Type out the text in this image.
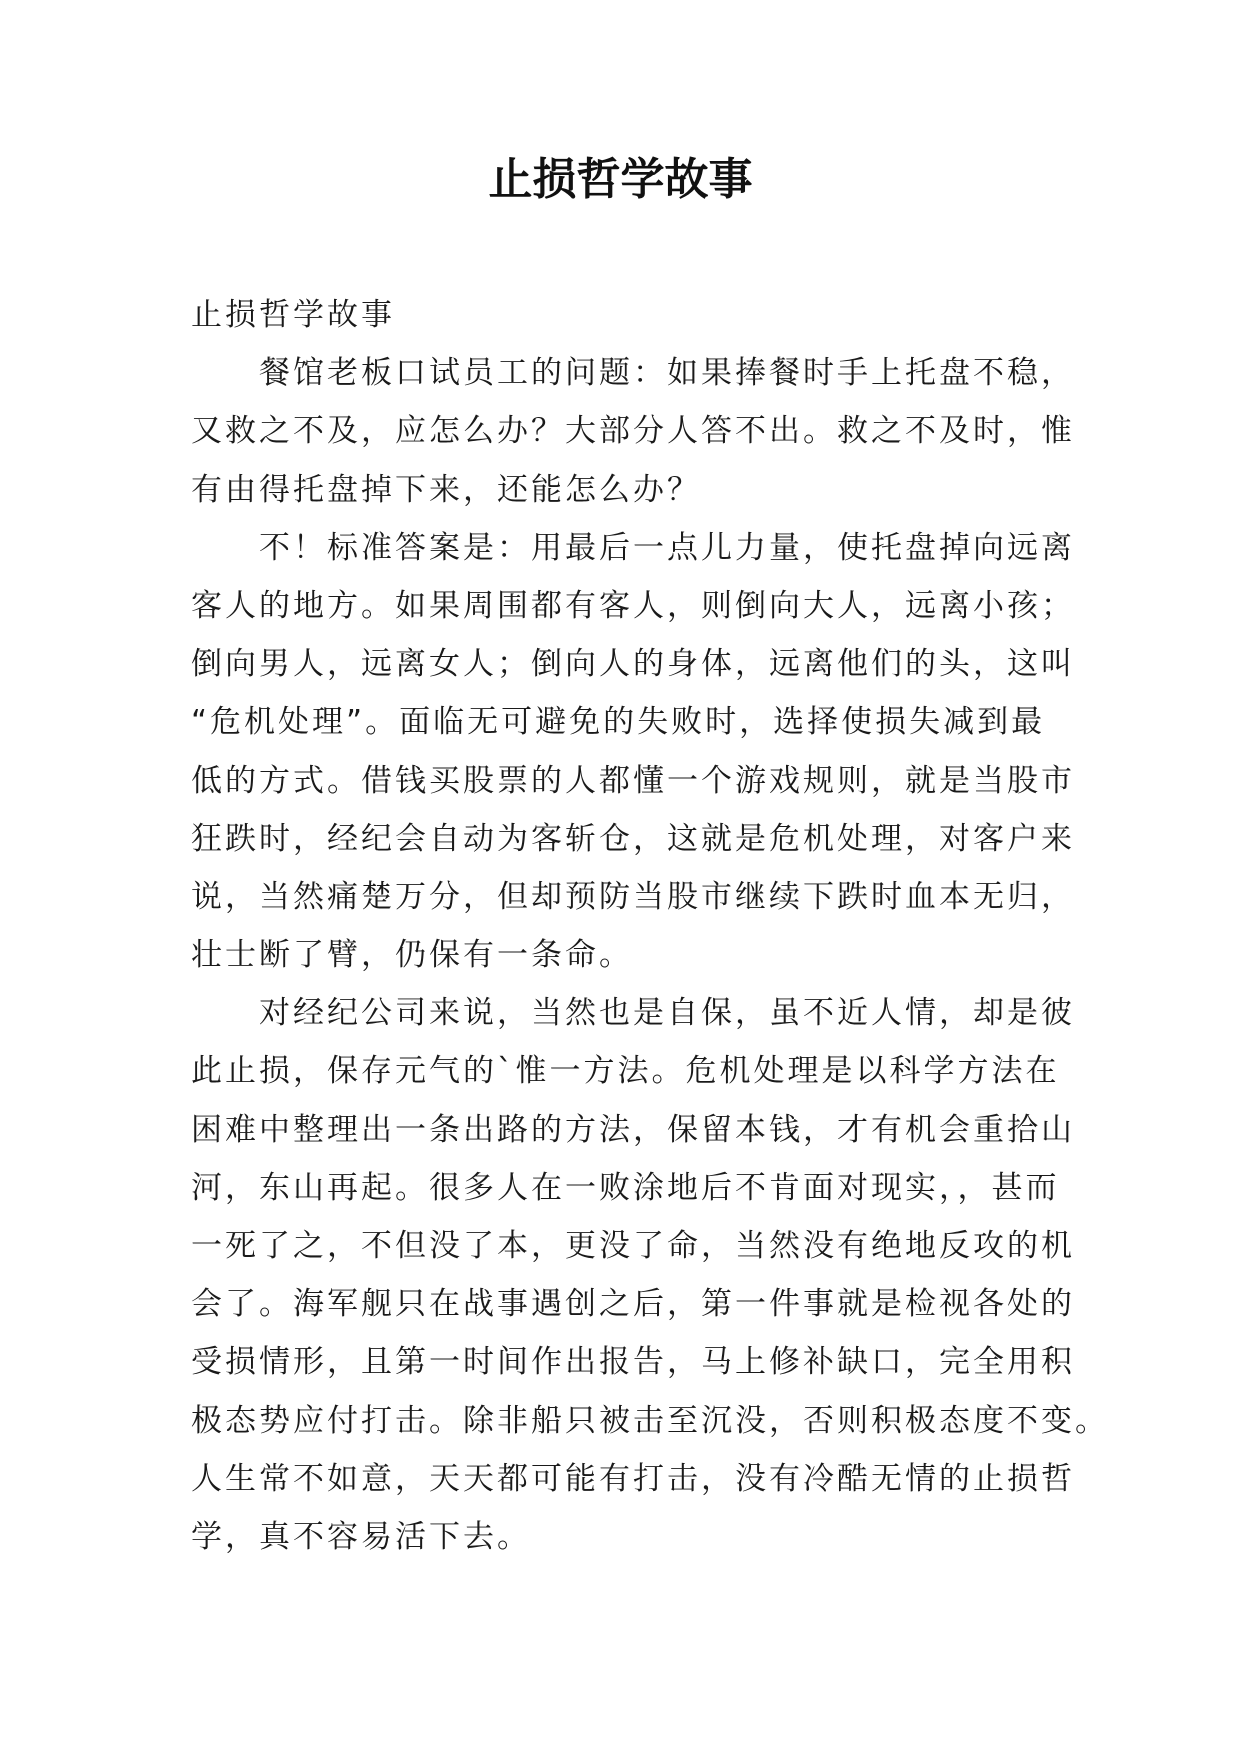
止损哲学故事
止损哲学故事
餐馆老板口试员工的问题：如果捧餐时手上托盘不稳，
又救之不及，应怎么办？大部分人答不出。救之不及时，惟
有由得托盘掉下来，还能怎么办？
不！标准答案是：用最后一点儿力量，使托盘掉向远离
客人的地方。如果周围都有客人，则倒向大人，远离小孩；
倒向男人，远离女人；倒向人的身体，远离他们的头，这叫
“危机处理”。面临无可避免的失败时，选择使损失减到最
低的方式。借钱买股票的人都懂一个游戏规则，就是当股市
狂跌时，经纪会自动为客斩仓，这就是危机处理，对客户来
说，当然痛楚万分，但却预防当股市继续下跌时血本无归，
壮士断了臂，仍保有一条命。
对经纪公司来说，当然也是自保，虽不近人情，却是彼
此止损，保存元气的`惟一方法。危机处理是以科学方法在
困难中整理出一条出路的方法，保留本钱，才有机会重拾山
河，东山再起。很多人在一败涂地后不肯面对现实，，甚而
一死了之，不但没了本，更没了命，当然没有绝地反攻的机
会了。海军舰只在战事遇创之后，第一件事就是检视各处的
受损情形，且第一时间作出报告，马上修补缺口，完全用积
极态势应付打击。除非船只被击至沉没，否则积极态度不变。
人生常不如意，天天都可能有打击，没有冷酷无情的止损哲
学，真不容易活下去。
